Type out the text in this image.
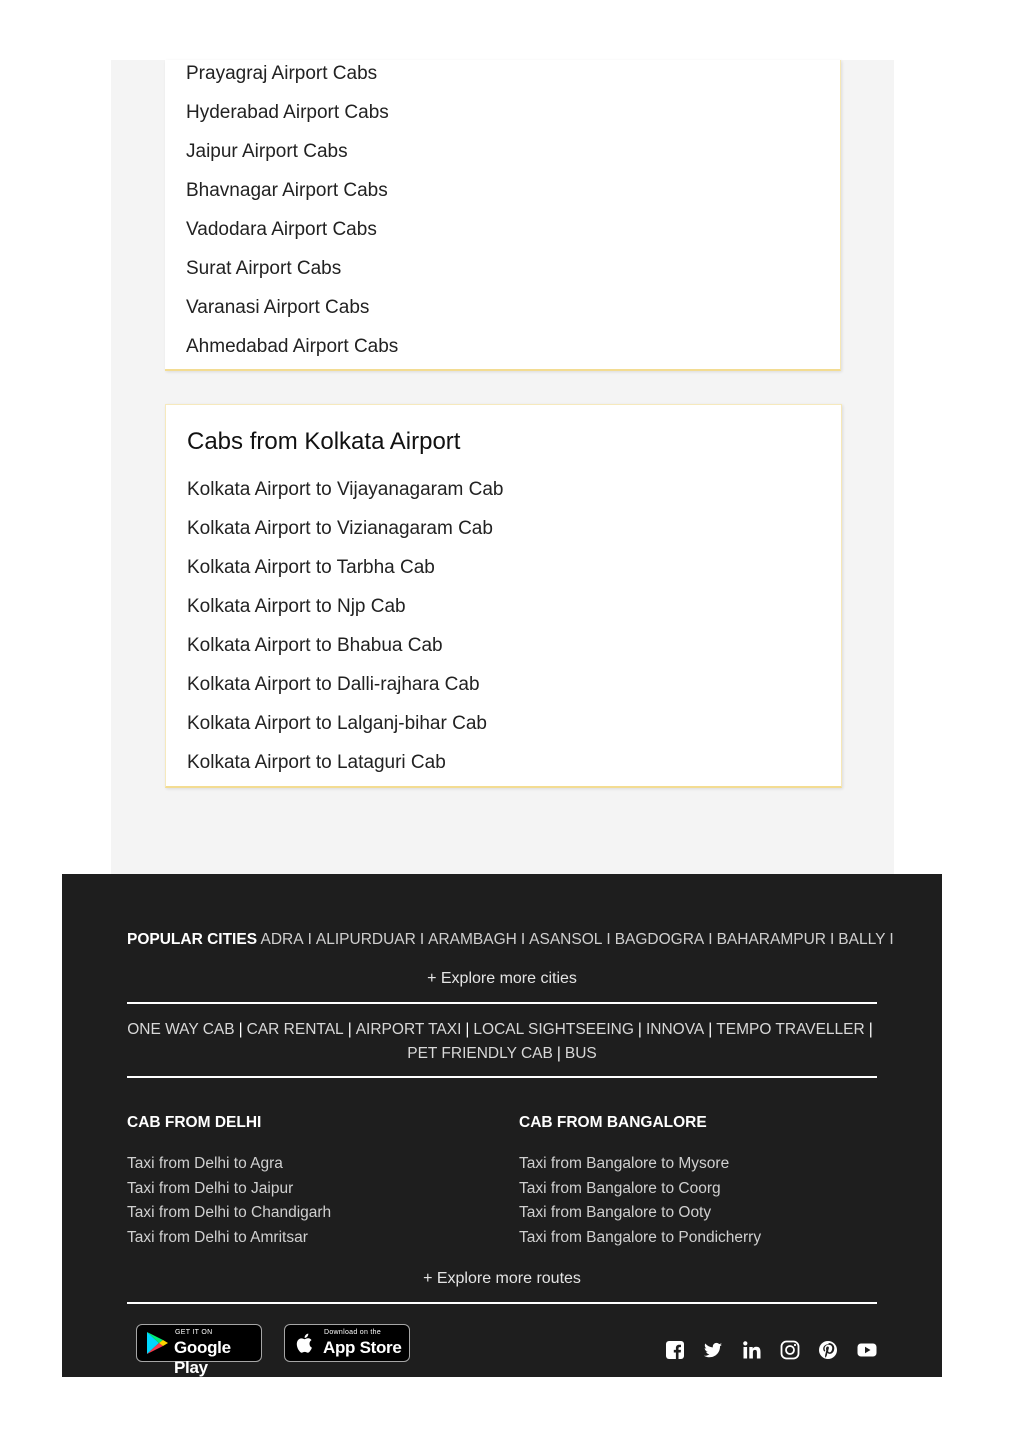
Prayagraj Airport Cabs
Hyderabad Airport Cabs
Jaipur Airport Cabs
Bhavnagar Airport Cabs
Vadodara Airport Cabs
Surat Airport Cabs
Varanasi Airport Cabs
Ahmedabad Airport Cabs
Cabs from Kolkata Airport
Kolkata Airport to Vijayanagaram Cab
Kolkata Airport to Vizianagaram Cab
Kolkata Airport to Tarbha Cab
Kolkata Airport to Njp Cab
Kolkata Airport to Bhabua Cab
Kolkata Airport to Dalli-rajhara Cab
Kolkata Airport to Lalganj-bihar Cab
Kolkata Airport to Lataguri Cab
POPULAR CITIES ADRA I ALIPURDUAR I ARAMBAGH I ASANSOL I BAGDOGRA I BAHARAMPUR I BALLY I
+ Explore more cities
ONE WAY CAB | CAR RENTAL | AIRPORT TAXI | LOCAL SIGHTSEEING | INNOVA | TEMPO TRAVELLER |
PET FRIENDLY CAB | BUS
CAB FROM DELHI
Taxi from Delhi to Agra
Taxi from Delhi to Jaipur
Taxi from Delhi to Chandigarh
Taxi from Delhi to Amritsar
CAB FROM BANGALORE
Taxi from Bangalore to Mysore
Taxi from Bangalore to Coorg
Taxi from Bangalore to Ooty
Taxi from Bangalore to Pondicherry
+ Explore more routes
GET IT ON
Google Play
Download on the
App Store
